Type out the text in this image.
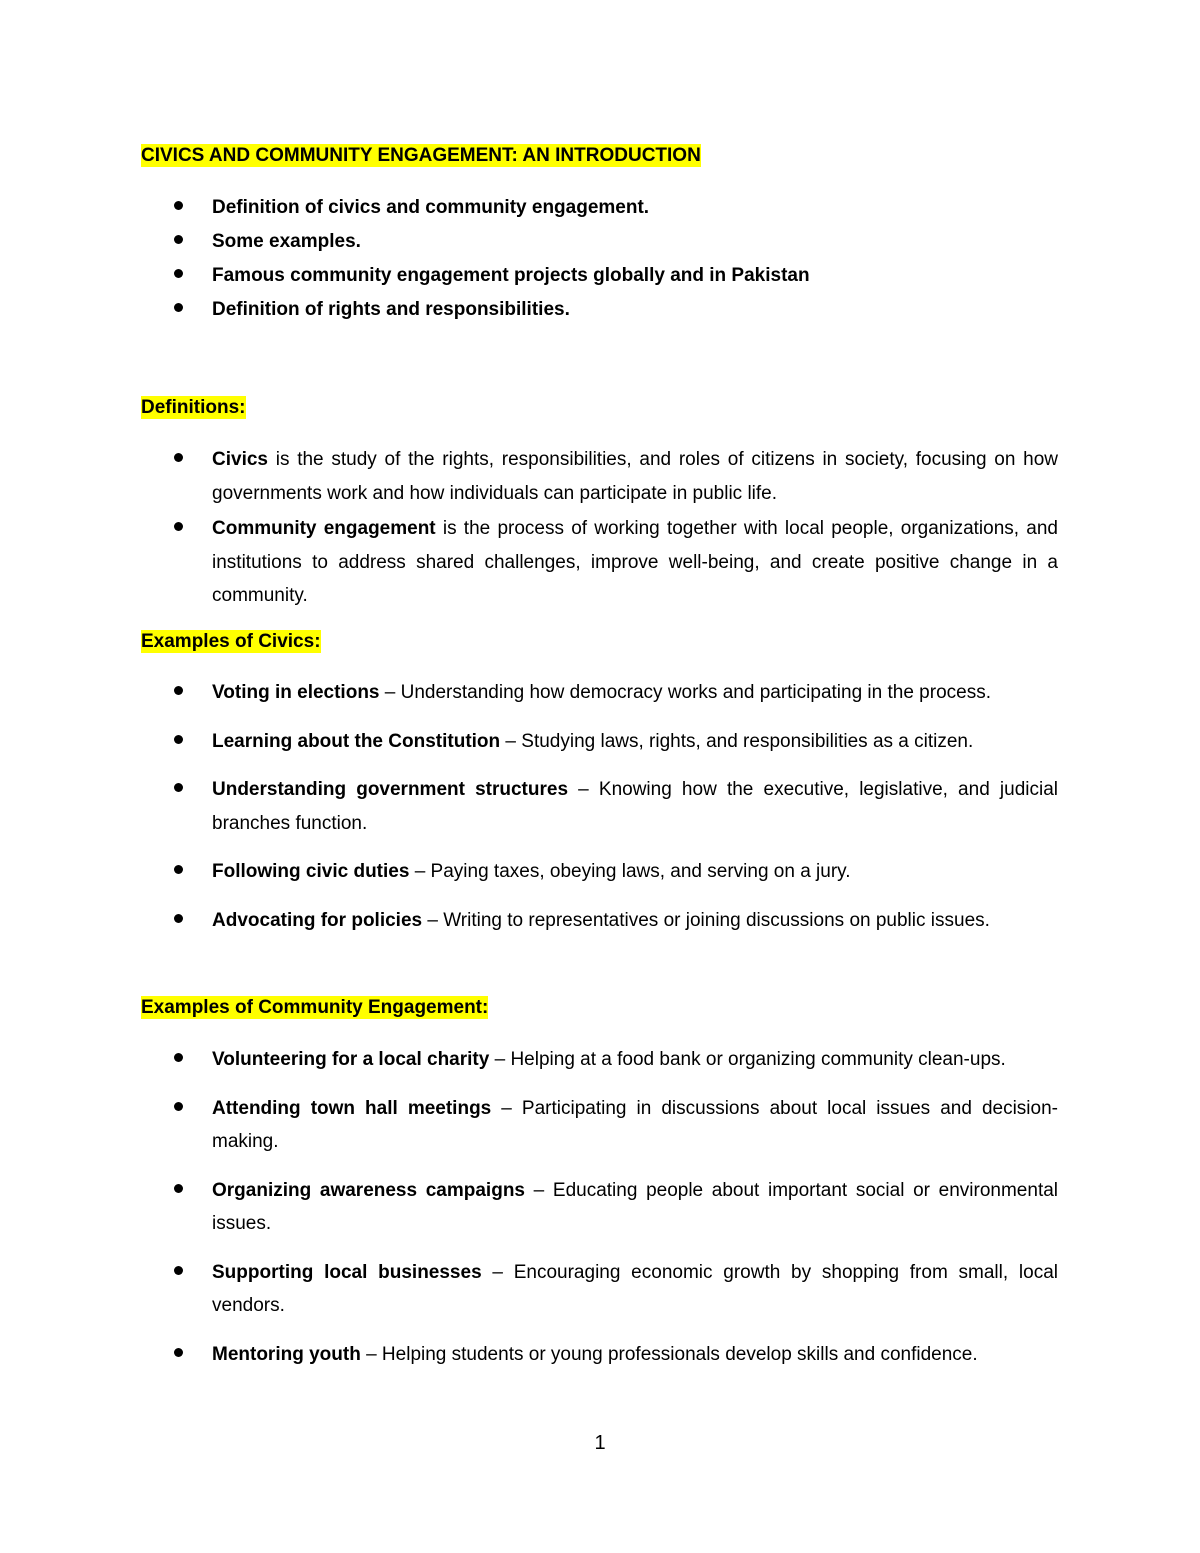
CIVICS AND COMMUNITY ENGAGEMENT: AN INTRODUCTION
Definition of civics and community engagement.
Some examples.
Famous community engagement projects globally and in Pakistan
Definition of rights and responsibilities.
Definitions:
Civics is the study of the rights, responsibilities, and roles of citizens in society, focusing on how governments work and how individuals can participate in public life.
Community engagement is the process of working together with local people, organizations, and institutions to address shared challenges, improve well-being, and create positive change in a community.
Examples of Civics:
Voting in elections – Understanding how democracy works and participating in the process.
Learning about the Constitution – Studying laws, rights, and responsibilities as a citizen.
Understanding government structures – Knowing how the executive, legislative, and judicial branches function.
Following civic duties – Paying taxes, obeying laws, and serving on a jury.
Advocating for policies – Writing to representatives or joining discussions on public issues.
Examples of Community Engagement:
Volunteering for a local charity – Helping at a food bank or organizing community clean-ups.
Attending town hall meetings – Participating in discussions about local issues and decision-making.
Organizing awareness campaigns – Educating people about important social or environmental issues.
Supporting local businesses – Encouraging economic growth by shopping from small, local vendors.
Mentoring youth – Helping students or young professionals develop skills and confidence.
1
